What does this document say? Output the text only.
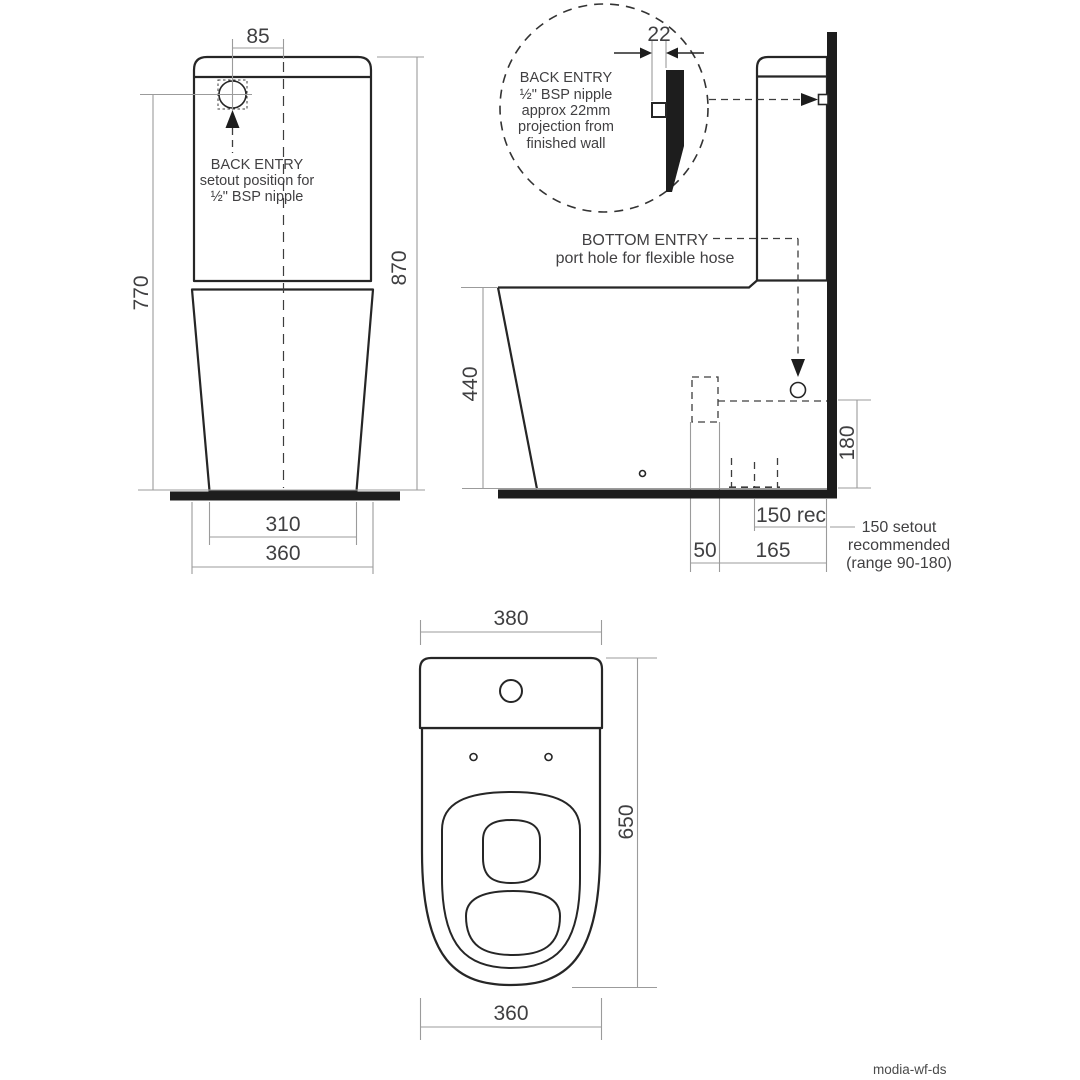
BACK ENTRY
setout position for
½" BSP nipple
85
770
870
310
360
BOTTOM ENTRY
port hole for flexible hose
440
150 rec
50 165
150 setout
recommended
(range 90-180)
180
22
BACK ENTRY
½" BSP nipple
approx 22mm
projection from
finished wall
380
650
360
modia-wf-ds
